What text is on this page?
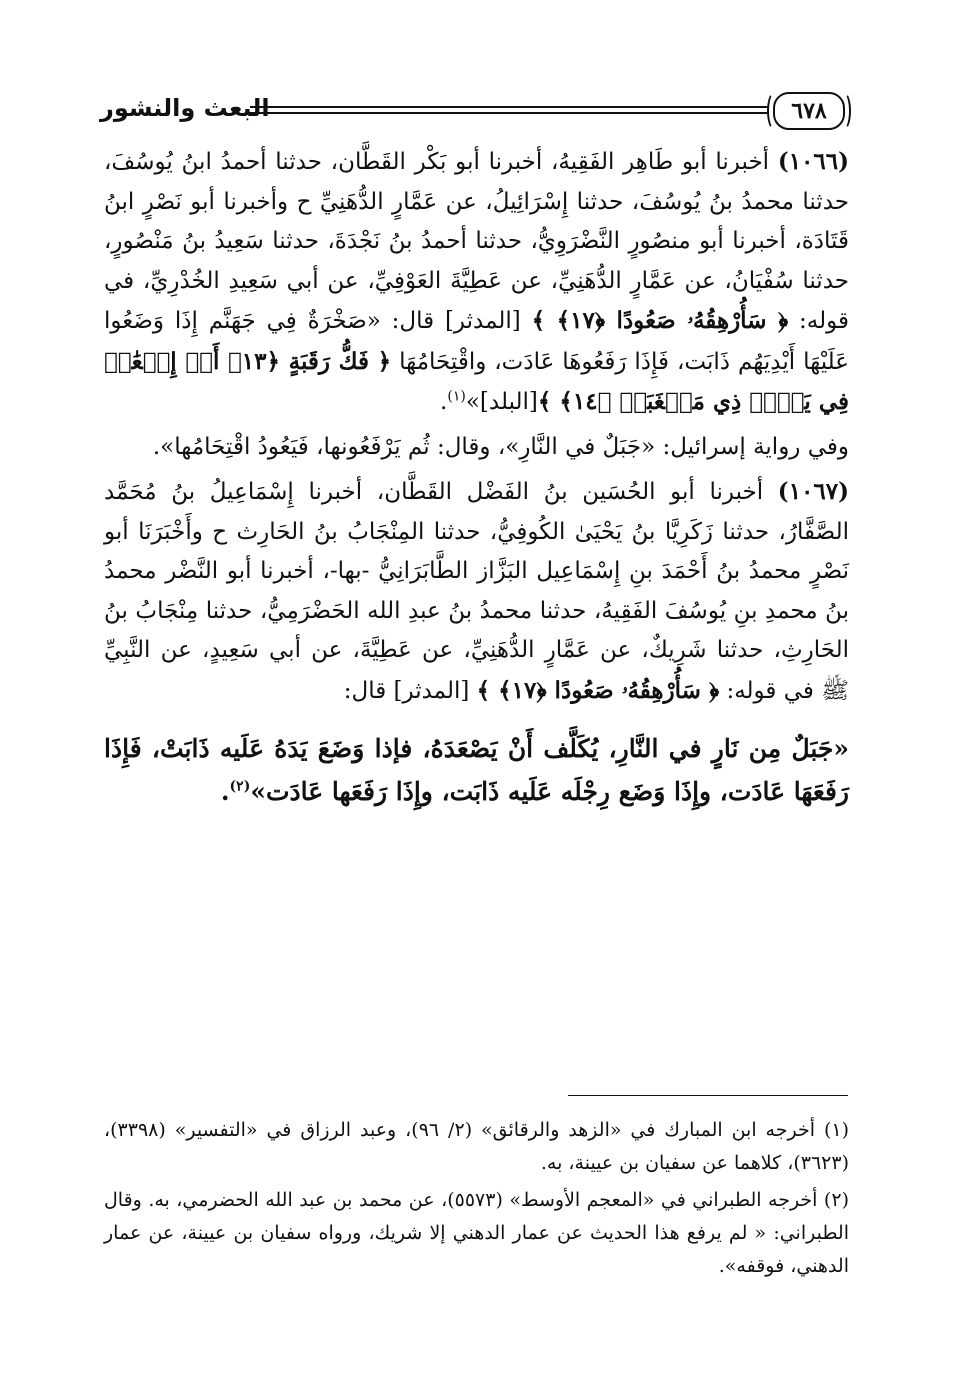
٦٧٨
البعث والنشور

(١٠٦٦) أخبرنا أبو طَاهِر الفَقِيهُ، أخبرنا أبو بَكْر القَطَّان، حدثنا أحمدُ ابنُ يُوسُفَ، حدثنا محمدُ بنُ يُوسُفَ، حدثنا إِسْرَائِيلُ، عن عَمَّارٍ الدُّهَنِيِّ ح وأخبرنا أبو نَصْرٍ ابنُ قَتَادَة، أخبرنا أبو منصُورٍ النَّضْرَوِيُّ، حدثنا أحمدُ بنُ نَجْدَةَ، حدثنا سَعِيدُ بنُ مَنْصُورٍ، حدثنا سُفْيَانُ، عن عَمَّارٍ الدُّهَنِيِّ، عن عَطِيَّةَ العَوْفِيِّ، عن أبي سَعِيدِ الخُدْرِيِّ، في قوله: ﴿ سَأُرْهِقُهُۥ صَعُودًا ﴿١٧﴾ ﴾ [المدثر] قال: «صَخْرَةٌ فِي جَهَنَّم إِذَا وَضَعُوا عَلَيْهَا أَيْدِيَهُم ذَابَت، فَإِذَا رَفَعُوهَا عَادَت، واقْتِحَامُهَا ﴿ فَكُّ رَقَبَةٍ ﴿١٣﴾ أَوۡ إِطۡعَٰمٞ فِي يَوۡمٖ ذِي مَسۡغَبَةٖ ﴿١٤﴾ ﴾[البلد]»$^{(١)}$.

وفي رواية إسرائيل: «جَبَلٌ في النَّارِ»، وقال: ثُم يَرْفَعُونها، فَيَعُودُ اقْتِحَامُها».

(١٠٦٧) أخبرنا أبو الحُسَين بنُ الفَضْل القَطَّان، أخبرنا إِسْمَاعِيلُ بنُ مُحَمَّد الصَّفَّارُ، حدثنا زَكَرِيَّا بنُ يَحْيَىٰ الكُوفِيُّ، حدثنا المِنْجَابُ بنُ الحَارِث ح وأَخْبَرَنَا أبو نَصْرٍ محمدُ بنُ أَحْمَدَ بنِ إِسْمَاعِيل البَزَّاز الطَّابَرَانِيُّ -بها-، أخبرنا أبو النَّضْر محمدُ بنُ محمدِ بنِ يُوسُفَ الفَقِيهُ، حدثنا محمدُ بنُ عبدِ الله الحَضْرَمِيُّ، حدثنا مِنْجَابُ بنُ الحَارِثِ، حدثنا شَرِيكٌ، عن عَمَّارٍ الدُّهَنِيِّ، عن عَطِيَّةَ، عن أبي سَعِيدٍ، عن النَّبِيِّ ﷺ في قوله: ﴿ سَأُرْهِقُهُۥ صَعُودًا ﴿١٧﴾ ﴾ [المدثر] قال:

«جَبَلٌ مِن نَارٍ في النَّارِ، يُكَلَّف أَنْ يَصْعَدَهُ، فإذا وَضَعَ يَدَهُ عَلَيه ذَابَتْ، فَإِذَا رَفَعَهَا عَادَت، وإِذَا وَضَع رِجْلَه عَلَيه ذَابَت، وإِذَا رَفَعَها عَادَت»$^{(٢)}$.

(١) أخرجه ابن المبارك في «الزهد والرقائق» (٢/ ٩٦)، وعبد الرزاق في «التفسير» (٣٣٩٨)، (٣٦٢٣)، كلاهما عن سفيان بن عيينة، به.

(٢) أخرجه الطبراني في «المعجم الأوسط» (٥٥٧٣)، عن محمد بن عبد الله الحضرمي، به. وقال الطبراني: « لم يرفع هذا الحديث عن عمار الدهني إلا شريك، ورواه سفيان بن عيينة، عن عمار الدهني، فوقفه».
